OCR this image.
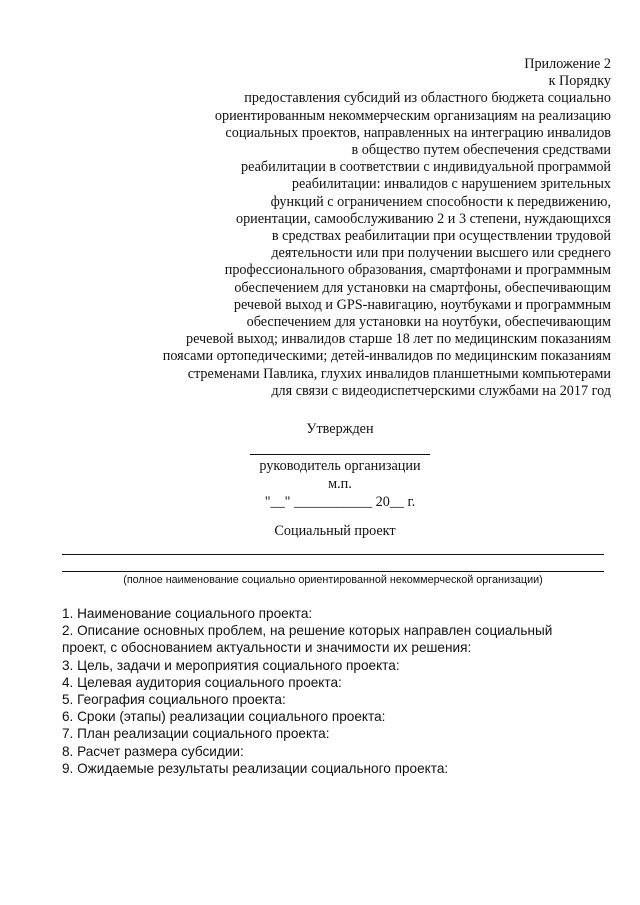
Приложение 2
к Порядку
предоставления субсидий из областного бюджета социально
ориентированным некоммерческим организациям на реализацию
социальных проектов, направленных на интеграцию инвалидов
в общество путем обеспечения средствами
реабилитации в соответствии с индивидуальной программой
реабилитации: инвалидов с нарушением зрительных
функций с ограничением способности к передвижению,
ориентации, самообслуживанию 2 и 3 степени, нуждающихся
в средствах реабилитации при осуществлении трудовой
деятельности или при получении высшего или среднего
профессионального образования, смартфонами и программным
обеспечением для установки на смартфоны, обеспечивающим
речевой выход и GPS-навигацию, ноутбуками и программным
обеспечением для установки на ноутбуки, обеспечивающим
речевой выход; инвалидов старше 18 лет по медицинским показаниям
поясами ортопедическими; детей-инвалидов по медицинским показаниям
стременами Павлика, глухих инвалидов планшетными компьютерами
для связи с видеодиспетчерскими службами на 2017 год
Утвержден
руководитель организации
м.п.
"__" ___________ 20__ г.
Социальный проект
(полное наименование социально ориентированной некоммерческой организации)
1. Наименование социального проекта:
2. Описание основных проблем, на решение которых направлен социальный
проект, с обоснованием актуальности и значимости их решения:
3. Цель, задачи и мероприятия социального проекта:
4. Целевая аудитория социального проекта:
5. География социального проекта:
6. Сроки (этапы) реализации социального проекта:
7. План реализации социального проекта:
8. Расчет размера субсидии:
9. Ожидаемые результаты реализации социального проекта:
